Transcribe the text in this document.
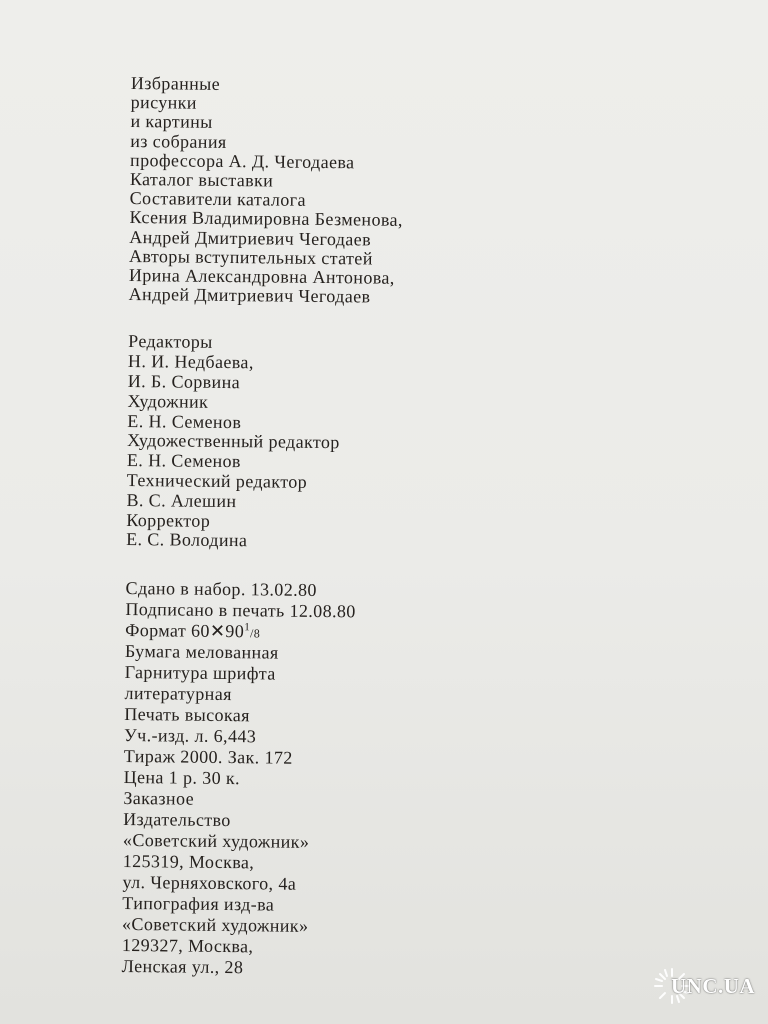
Избранные
рисунки
и картины
из собрания
профессора А. Д. Чегодаева
Каталог выставки
Составители каталога
Ксения Владимировна Безменова,
Андрей Дмитриевич Чегодаев
Авторы вступительных статей
Ирина Александровна Антонова,
Андрей Дмитриевич Чегодаев
Редакторы
Н. И. Недбаева,
И. Б. Сорвина
Художник
Е. Н. Семенов
Художественный редактор
Е. Н. Семенов
Технический редактор
В. С. Алешин
Корректор
Е. С. Володина
Сдано в набор. 13.02.80
Подписано в печать 12.08.80
Формат $60✕90^1/8$
Бумага мелованная
Гарнитура шрифта
литературная
Печать высокая
Уч.-изд. л. 6,443
Тираж 2000. Зак. 172
Цена 1 р. 30 к.
Заказное
Издательство
«Советский художник»
125319, Москва,
ул. Черняховского, 4а
Типография изд-ва
«Советский художник»
129327, Москва,
Ленская ул., 28
UNC.UA
